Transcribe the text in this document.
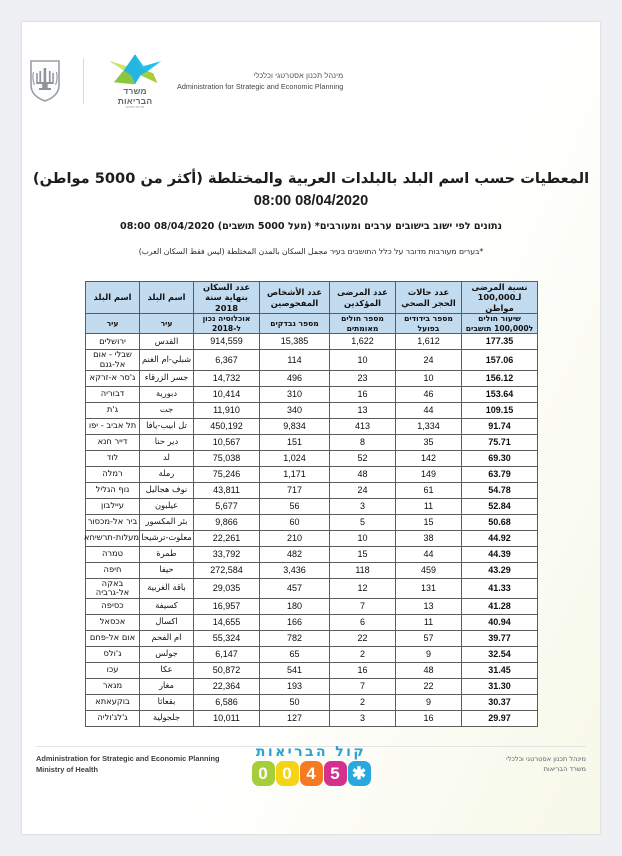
משרד
הבריאות
מדינת ישראל
מינהל תכנון אסטרטגי וכלכלי
Administration for Strategic and Economic Planning
المعطيات حسب اسم البلد بالبلدات العربية والمختلطة (أكثر من 5000 مواطن)
08:00 08/04/2020
נתונים לפי ישוב בישובים ערבים ומעורבים* (מעל 5000 תושבים) 08/04/2020 08:00
*בערים מעורבות מדובר על כלל התושבים בעיר مجمل السكان بالمدن المختلطة (ليس فقط السكان العرب)
نسبة المرضى لـ100,000 مواطن	عدد حالات الحجر الصحي	عدد المرضى المؤكدين	عدد الأشخاص المفحوصين	عدد السكان بنهاية سنة 2018	اسم البلد	اسم البلد
שיעור חולים ל100,000 תושבים	מספר בידודים בפועל	מספר חולים מאומתים	מספר נבדקים	אוכלוסיה נכון ל-2018	עיר	עיר
177.35	1,612	1,622	15,385	914,559	القدس	ירושלים
157.06	24	10	114	6,367	شبلي-ام الغنم	שבלי - אום אל-גנם
156.12	10	23	496	14,732	جسر الزرقاء	ג'סר א-זרקא
153.64	46	16	310	10,414	دبورية	דבוריה
109.15	44	13	340	11,910	جت	ג'ת
91.74	1,334	413	9,834	450,192	تل ابيب-يافا	תל אביב - יפו
75.71	35	8	151	10,567	دير حنا	דייר חנא
69.30	142	52	1,024	75,038	لد	לוד
63.79	149	48	1,171	75,246	رملة	רמלה
54.78	61	24	717	43,811	نوف هجاليل	נוף הגליל
52.84	11	3	56	5,677	عيلبون	עיילבון
50.68	15	5	60	9,866	بئر المكسور	ביר אל-מכסור
44.92	38	10	210	22,261	معلوت-ترشيحا	מעלות-תרשיחא
44.39	44	15	482	33,792	طمرة	טמרה
43.29	459	118	3,436	272,584	حيفا	חיפה
41.33	131	12	457	29,035	باقة الغربية	באקה אל-גרביה
41.28	13	7	180	16,957	كسيفة	כסיפה
40.94	11	6	166	14,655	اكسال	אכסאל
39.77	57	22	782	55,324	ام الفحم	אום אל-פחם
32.54	9	2	65	6,147	جولس	ג'ולס
31.45	48	16	541	50,872	عكا	עכו
31.30	22	7	193	22,364	مغار	מגאר
30.37	9	2	50	6,586	بقعاثا	בוקעאתא
29.97	16	3	127	10,011	جلجولية	ג'לג'וליה
מינהל תכנון אסטרטגי וכלכלי
משרד הבריאות
Administration for Strategic and Economic Planning
Ministry of Health
קול הבריאות
✱
5
4
0
0
